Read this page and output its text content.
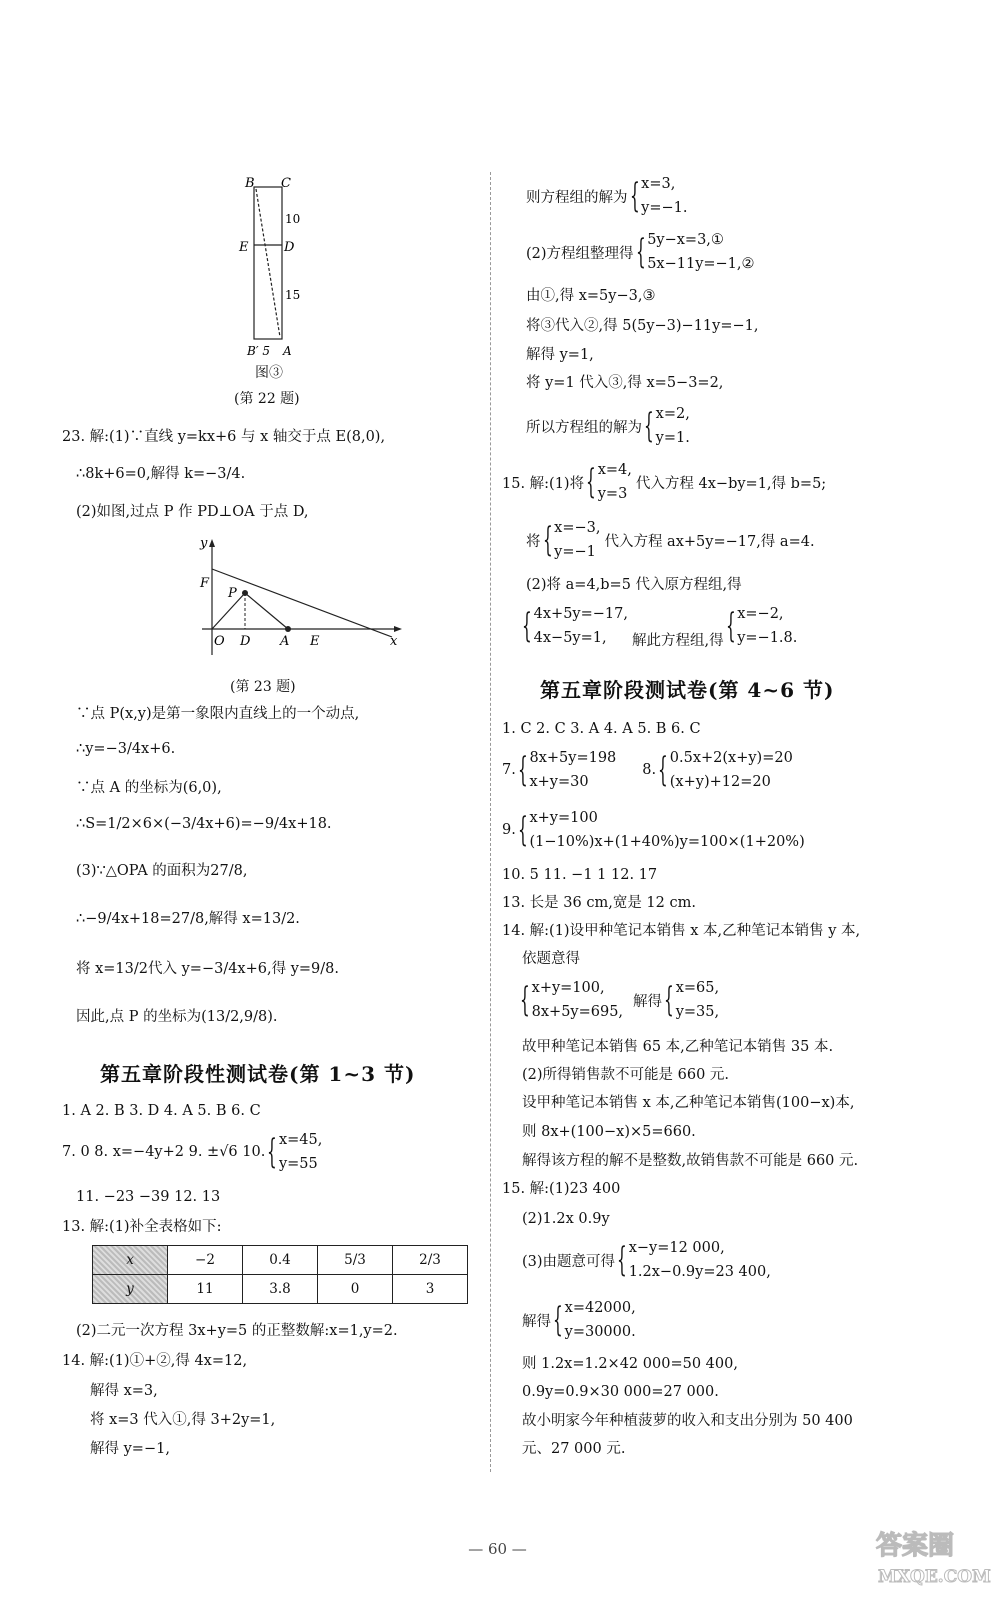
B C
E	D
10
15
B′ 5 A
图③
(第 22 题)
23. 解:(1)∵直线 y=kx+6 与 x 轴交于点 E(8,0),
∴8k+6=0,解得 k=−3/4.
(2)如图,过点 P 作 PD⊥OA 于点 D,
y
F
P
O D A E	x
(第 23 题)
∵点 P(x,y)是第一象限内直线上的一个动点,
∴y=−3/4x+6.
∵点 A 的坐标为(6,0),
∴S=1/2×6×(−3/4x+6)=−9/4x+18.
(3)∵△OPA 的面积为27/8,
∴−9/4x+18=27/8,解得 x=13/2.
将 x=13/2代入 y=−3/4x+6,得 y=9/8.
因此,点 P 的坐标为(13/2,9/8).
第五章阶段性测试卷(第 1~3 节)
1. A 2. B 3. D 4. A 5. B 6. C
7. 0 8. x=−4y+2 9. ±√6 10. { x=45,
y=55
11. −23 −39 12. 13
13. 解:(1)补全表格如下:
x	−2	0.4	5/3	2/3
y	11	3.8	0	3
(2)二元一次方程 3x+y=5 的正整数解:x=1,y=2.
14. 解:(1)①+②,得 4x=12,
解得 x=3,
将 x=3 代入①,得 3+2y=1,
解得 y=−1,
则方程组的解为 { x=3,
y=−1.
(2)方程组整理得 { 5y−x=3,①
5x−11y=−1,②
由①,得 x=5y−3,③
将③代入②,得 5(5y−3)−11y=−1,
解得 y=1,
将 y=1 代入③,得 x=5−3=2,
所以方程组的解为 { x=2,
y=1.
15. 解:(1)将 { x=4,
y=3
代入方程 4x−by=1,得 b=5;
将 { x=−3,
y=−1
代入方程 ax+5y=−17,得 a=4.
(2)将 a=4,b=5 代入原方程组,得
{ 4x+5y=−17,
4x−5y=1,	解此方程组,得 { x=−2,
y=−1.8.
第五章阶段测试卷(第 4~6 节)
1. C 2. C 3. A 4. A 5. B 6. C
7. { 8x+5y=198
x+y=30
8. { 0.5x+2(x+y)=20
(x+y)+12=20
9. { x+y=100
(1−10%)x+(1+40%)y=100×(1+20%)
10. 5 11. −1 1 12. 17
13. 长是 36 cm,宽是 12 cm.
14. 解:(1)设甲种笔记本销售 x 本,乙种笔记本销售 y 本,
依题意得
{ x+y=100,
8x+5y=695,
解得 { x=65,
y=35,
故甲种笔记本销售 65 本,乙种笔记本销售 35 本.
(2)所得销售款不可能是 660 元.
设甲种笔记本销售 x 本,乙种笔记本销售(100−x)本,
则 8x+(100−x)×5=660.
解得该方程的解不是整数,故销售款不可能是 660 元.
15. 解:(1)23 400
(2)1.2x 0.9y
(3)由题意可得 { x−y=12 000,
1.2x−0.9y=23 400,
解得 { x=42000,
y=30000.
则 1.2x=1.2×42 000=50 400,
0.9y=0.9×30 000=27 000.
故小明家今年种植菠萝的收入和支出分别为 50 400
元、27 000 元.
— 60 —	答案圈
MXQE.COM
